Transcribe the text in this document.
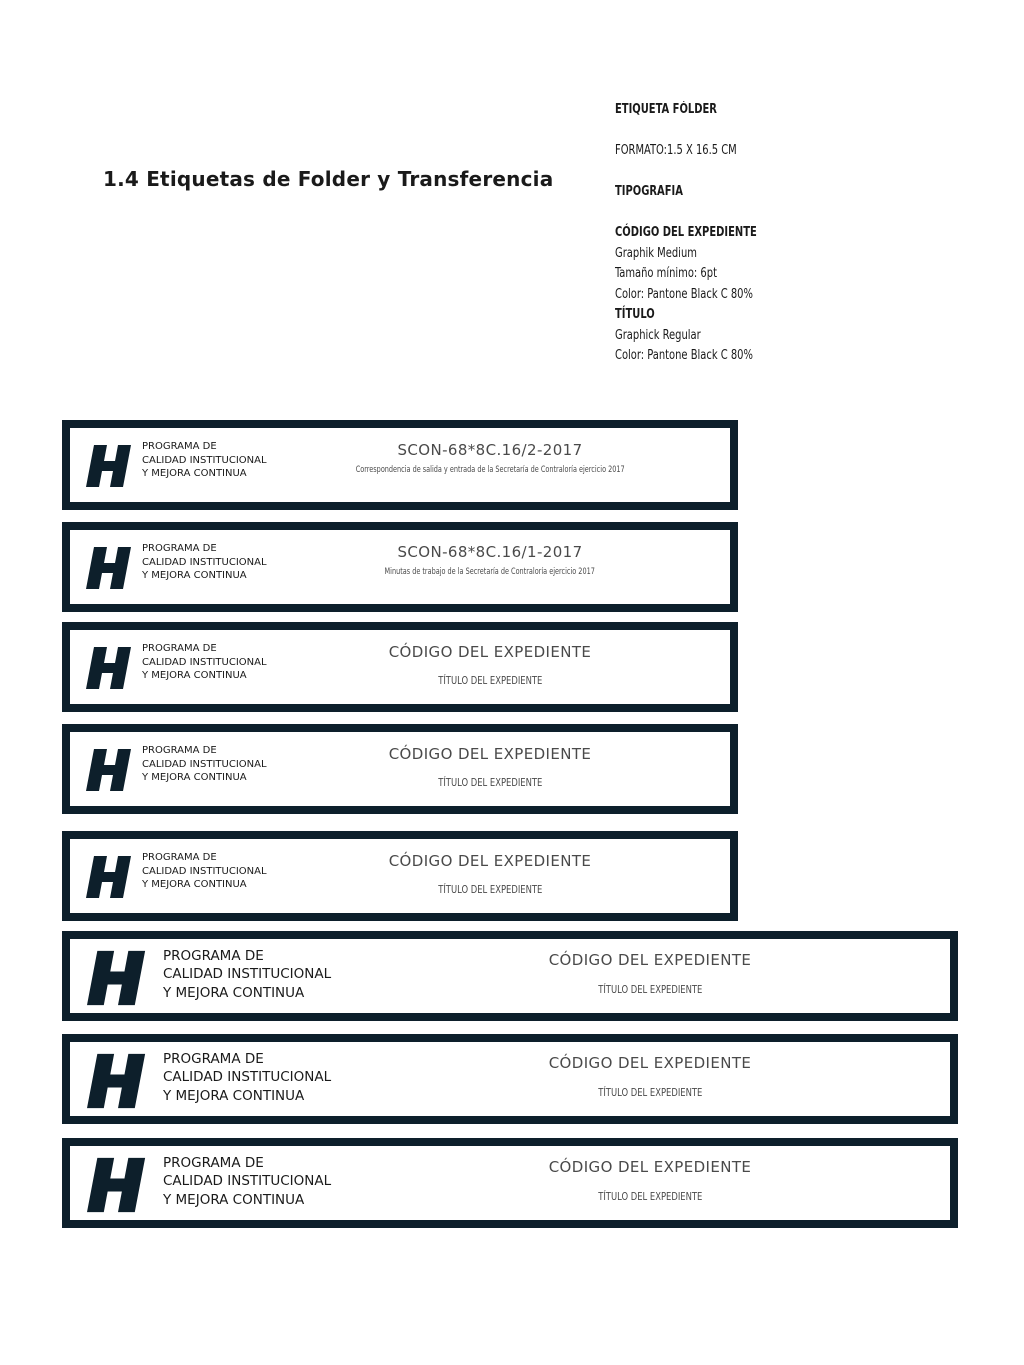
1.4 Etiquetas de Folder y Transferencia
ETIQUETA FÓLDER
FORMATO:1.5 X 16.5 CM
TIPOGRAFIA
CÓDIGO DEL EXPEDIENTE
Graphik Medium
Tamaño mínimo: 6pt
Color: Pantone Black C 80%
TÍTULO
Graphick Regular
Color: Pantone Black C 80%
PROGRAMA DE
CALIDAD INSTITUCIONAL
Y MEJORA CONTINUA
SCON-68*8C.16/2-2017
Correspondencia de salida y entrada de la Secretaría de Contraloría ejercicio 2017
PROGRAMA DE
CALIDAD INSTITUCIONAL
Y MEJORA CONTINUA
SCON-68*8C.16/1-2017
Minutas de trabajo de la Secretaría de Contraloría ejercicio 2017
PROGRAMA DE
CALIDAD INSTITUCIONAL
Y MEJORA CONTINUA
CÓDIGO DEL EXPEDIENTE
TÍTULO DEL EXPEDIENTE
PROGRAMA DE
CALIDAD INSTITUCIONAL
Y MEJORA CONTINUA
CÓDIGO DEL EXPEDIENTE
TÍTULO DEL EXPEDIENTE
PROGRAMA DE
CALIDAD INSTITUCIONAL
Y MEJORA CONTINUA
CÓDIGO DEL EXPEDIENTE
TÍTULO DEL EXPEDIENTE
PROGRAMA DE
CALIDAD INSTITUCIONAL
Y MEJORA CONTINUA
CÓDIGO DEL EXPEDIENTE
TÍTULO DEL EXPEDIENTE
PROGRAMA DE
CALIDAD INSTITUCIONAL
Y MEJORA CONTINUA
CÓDIGO DEL EXPEDIENTE
TÍTULO DEL EXPEDIENTE
PROGRAMA DE
CALIDAD INSTITUCIONAL
Y MEJORA CONTINUA
CÓDIGO DEL EXPEDIENTE
TÍTULO DEL EXPEDIENTE
